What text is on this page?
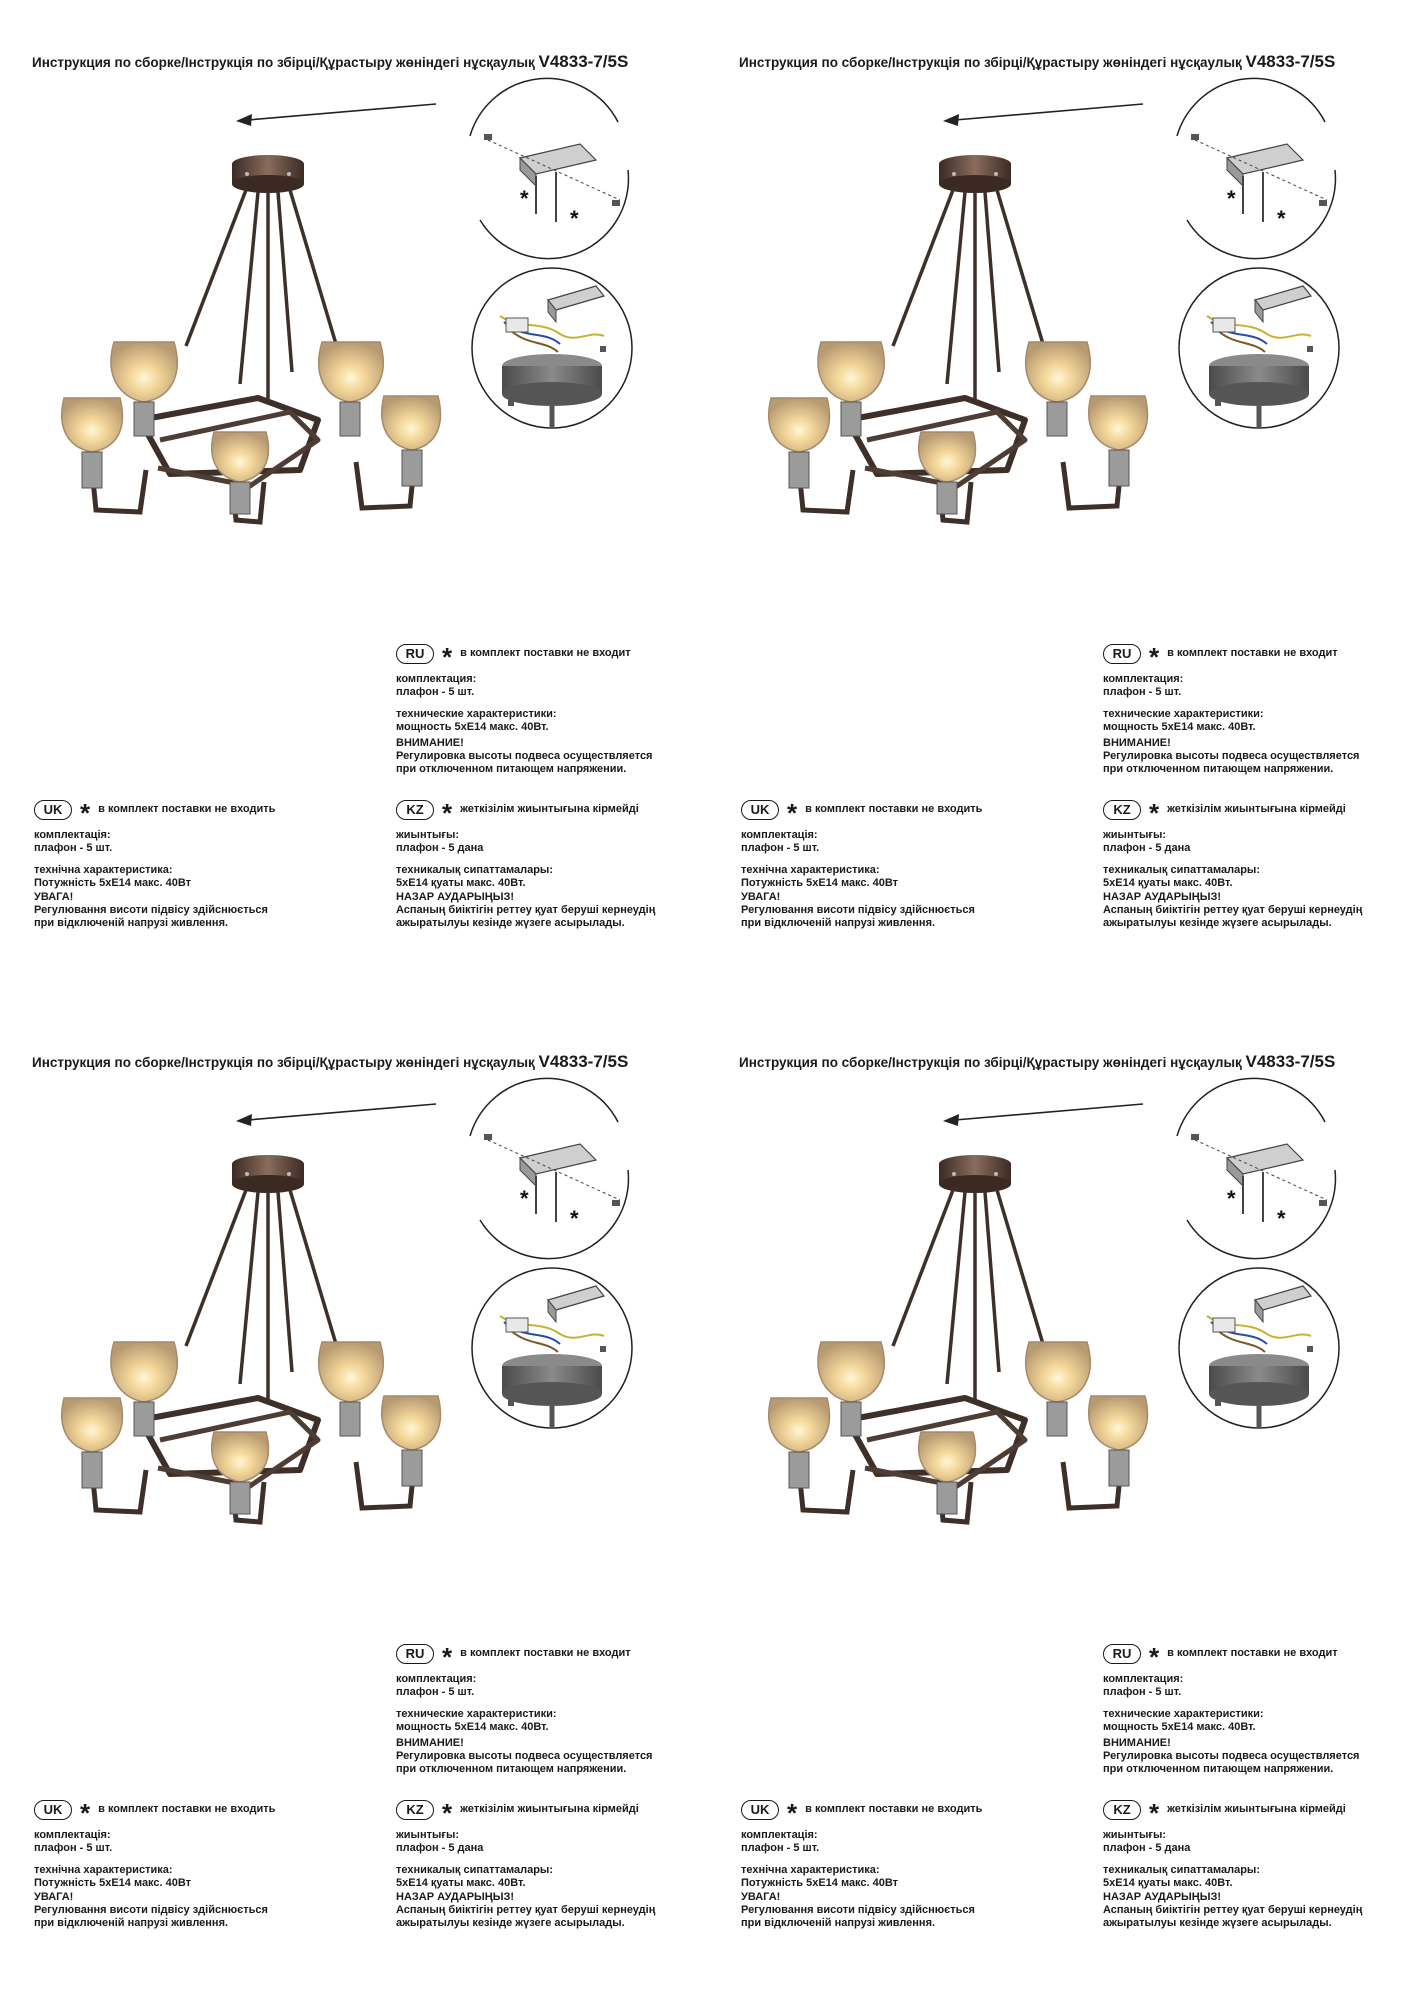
Инструкция по сборке/Інструкція по збірці/Құрастыру жөніндегі нұсқаулық V4833-7/5S
*
*
RU * в комплект поставки не входит
комплектация:
плафон - 5 шт.
технические характеристики:
мощность 5хЕ14 макс. 40Вт.
ВНИМАНИЕ!
Регулировка высоты подвеса осуществляется
при отключенном питающем напряжении.
UK * в комплект поставки не входить
комплектація:
плафон - 5 шт.
технічна характеристика:
Потужність 5хЕ14 макс. 40Вт
УВАГА!
Регулювання висоти підвісу здійснюється
при відключеній напрузі живлення.
KZ * жеткізілім жиынтығына кірмейді
жиынтығы:
плафон - 5 дана
техникалық сипаттамалары:
5хЕ14 қуаты макс. 40Вт.
НАЗАР АУДАРЫҢЫЗ!
Аспаның биіктігін реттеу қуат беруші кернеудің
ажыратылуы кезінде жүзеге асырылады.
Инструкция по сборке/Інструкція по збірці/Құрастыру жөніндегі нұсқаулық V4833-7/5S
*
*
RU * в комплект поставки не входит
комплектация:
плафон - 5 шт.
технические характеристики:
мощность 5хЕ14 макс. 40Вт.
ВНИМАНИЕ!
Регулировка высоты подвеса осуществляется
при отключенном питающем напряжении.
UK * в комплект поставки не входить
комплектація:
плафон - 5 шт.
технічна характеристика:
Потужність 5хЕ14 макс. 40Вт
УВАГА!
Регулювання висоти підвісу здійснюється
при відключеній напрузі живлення.
KZ * жеткізілім жиынтығына кірмейді
жиынтығы:
плафон - 5 дана
техникалық сипаттамалары:
5хЕ14 қуаты макс. 40Вт.
НАЗАР АУДАРЫҢЫЗ!
Аспаның биіктігін реттеу қуат беруші кернеудің
ажыратылуы кезінде жүзеге асырылады.
Инструкция по сборке/Інструкція по збірці/Құрастыру жөніндегі нұсқаулық V4833-7/5S
*
*
RU * в комплект поставки не входит
комплектация:
плафон - 5 шт.
технические характеристики:
мощность 5хЕ14 макс. 40Вт.
ВНИМАНИЕ!
Регулировка высоты подвеса осуществляется
при отключенном питающем напряжении.
UK * в комплект поставки не входить
комплектація:
плафон - 5 шт.
технічна характеристика:
Потужність 5хЕ14 макс. 40Вт
УВАГА!
Регулювання висоти підвісу здійснюється
при відключеній напрузі живлення.
KZ * жеткізілім жиынтығына кірмейді
жиынтығы:
плафон - 5 дана
техникалық сипаттамалары:
5хЕ14 қуаты макс. 40Вт.
НАЗАР АУДАРЫҢЫЗ!
Аспаның биіктігін реттеу қуат беруші кернеудің
ажыратылуы кезінде жүзеге асырылады.
Инструкция по сборке/Інструкція по збірці/Құрастыру жөніндегі нұсқаулық V4833-7/5S
*
*
RU * в комплект поставки не входит
комплектация:
плафон - 5 шт.
технические характеристики:
мощность 5хЕ14 макс. 40Вт.
ВНИМАНИЕ!
Регулировка высоты подвеса осуществляется
при отключенном питающем напряжении.
UK * в комплект поставки не входить
комплектація:
плафон - 5 шт.
технічна характеристика:
Потужність 5хЕ14 макс. 40Вт
УВАГА!
Регулювання висоти підвісу здійснюється
при відключеній напрузі живлення.
KZ * жеткізілім жиынтығына кірмейді
жиынтығы:
плафон - 5 дана
техникалық сипаттамалары:
5хЕ14 қуаты макс. 40Вт.
НАЗАР АУДАРЫҢЫЗ!
Аспаның биіктігін реттеу қуат беруші кернеудің
ажыратылуы кезінде жүзеге асырылады.
